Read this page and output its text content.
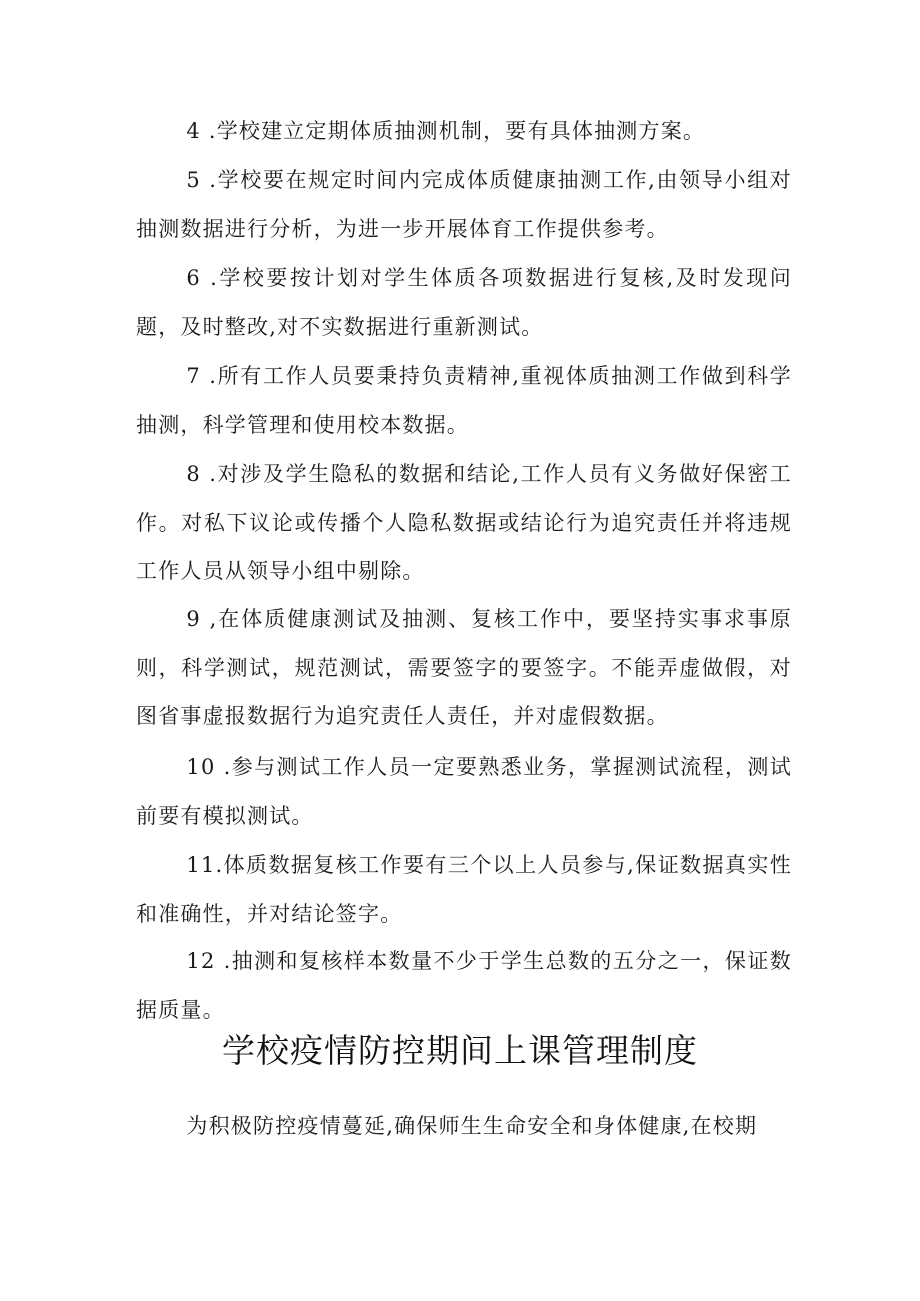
4 .学校建立定期体质抽测机制，要有具体抽测方案。

5 .学校要在规定时间内完成体质健康抽测工作,由领导小组对抽测数据进行分析，为进一步开展体育工作提供参考。

6 .学校要按计划对学生体质各项数据进行复核,及时发现问题，及时整改,对不实数据进行重新测试。

7 .所有工作人员要秉持负责精神,重视体质抽测工作做到科学抽测，科学管理和使用校本数据。

8 .对涉及学生隐私的数据和结论,工作人员有义务做好保密工作。对私下议论或传播个人隐私数据或结论行为追究责任并将违规工作人员从领导小组中剔除。

9 ,在体质健康测试及抽测、复核工作中，要坚持实事求事原则，科学测试，规范测试，需要签字的要签字。不能弄虚做假，对图省事虚报数据行为追究责任人责任，并对虚假数据。

10 .参与测试工作人员一定要熟悉业务，掌握测试流程，测试前要有模拟测试。

11.体质数据复核工作要有三个以上人员参与,保证数据真实性和准确性，并对结论签字。

12 .抽测和复核样本数量不少于学生总数的五分之一，保证数据质量。

学校疫情防控期间上课管理制度

为积极防控疫情蔓延,确保师生生命安全和身体健康,在校期
